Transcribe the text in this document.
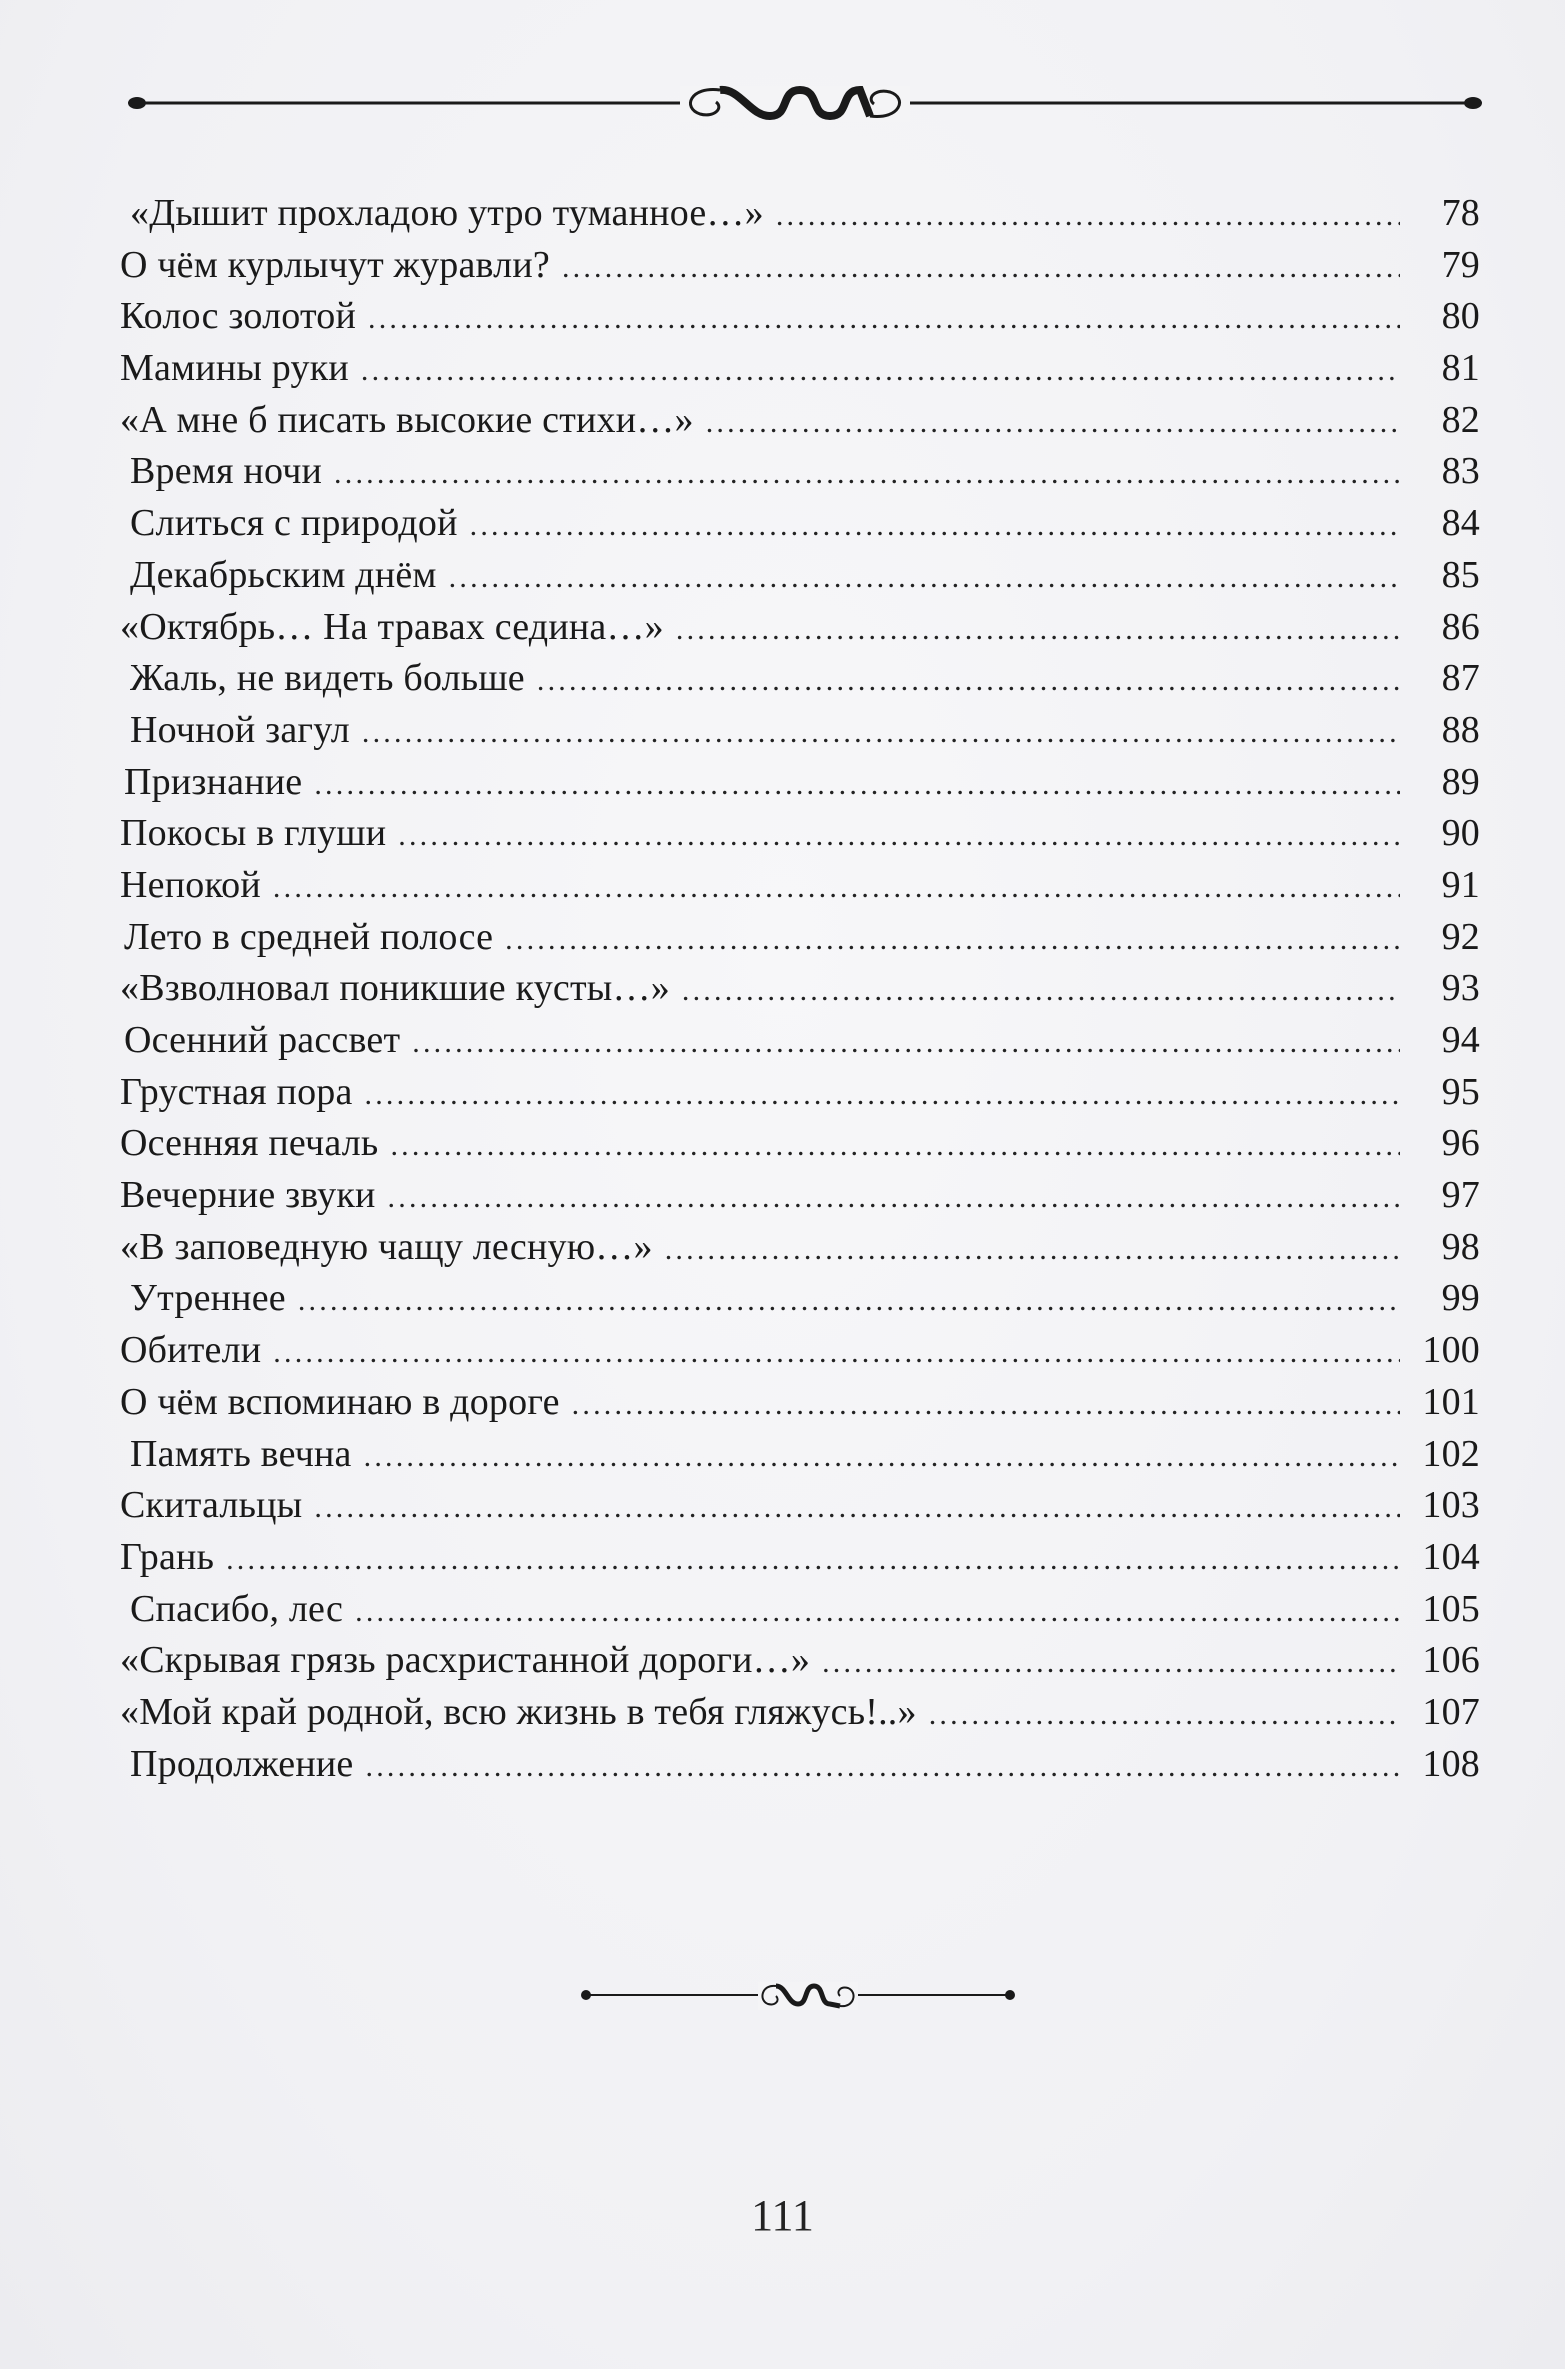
«Дышит прохладою утро туманное…» .....	78
О чём курлычут журавли? .....	79
Колос золотой .....	80
Мамины руки .....	81
«А мне б писать высокие стихи…» .....	82
Время ночи .....	83
Слиться с природой .....	84
Декабрьским днём .....	85
«Октябрь… На травах седина…» .....	86
Жаль, не видеть больше .....	87
Ночной загул .....	88
Признание .....	89
Покосы в глуши .....	90
Непокой .....	91
Лето в средней полосе .....	92
«Взволновал поникшие кусты…» .....	93
Осенний рассвет .....	94
Грустная пора .....	95
Осенняя печаль .....	96
Вечерние звуки .....	97
«В заповедную чащу лесную…» .....	98
Утреннее .....	99
Обители .....	100
О чём вспоминаю в дороге .....	101
Память вечна .....	102
Скитальцы .....	103
Грань .....	104
Спасибо, лес .....	105
«Скрывая грязь расхристанной дороги…» .....	106
«Мой край родной, всю жизнь в тебя гляжусь!..» .....	107
Продолжение .....	108
111
